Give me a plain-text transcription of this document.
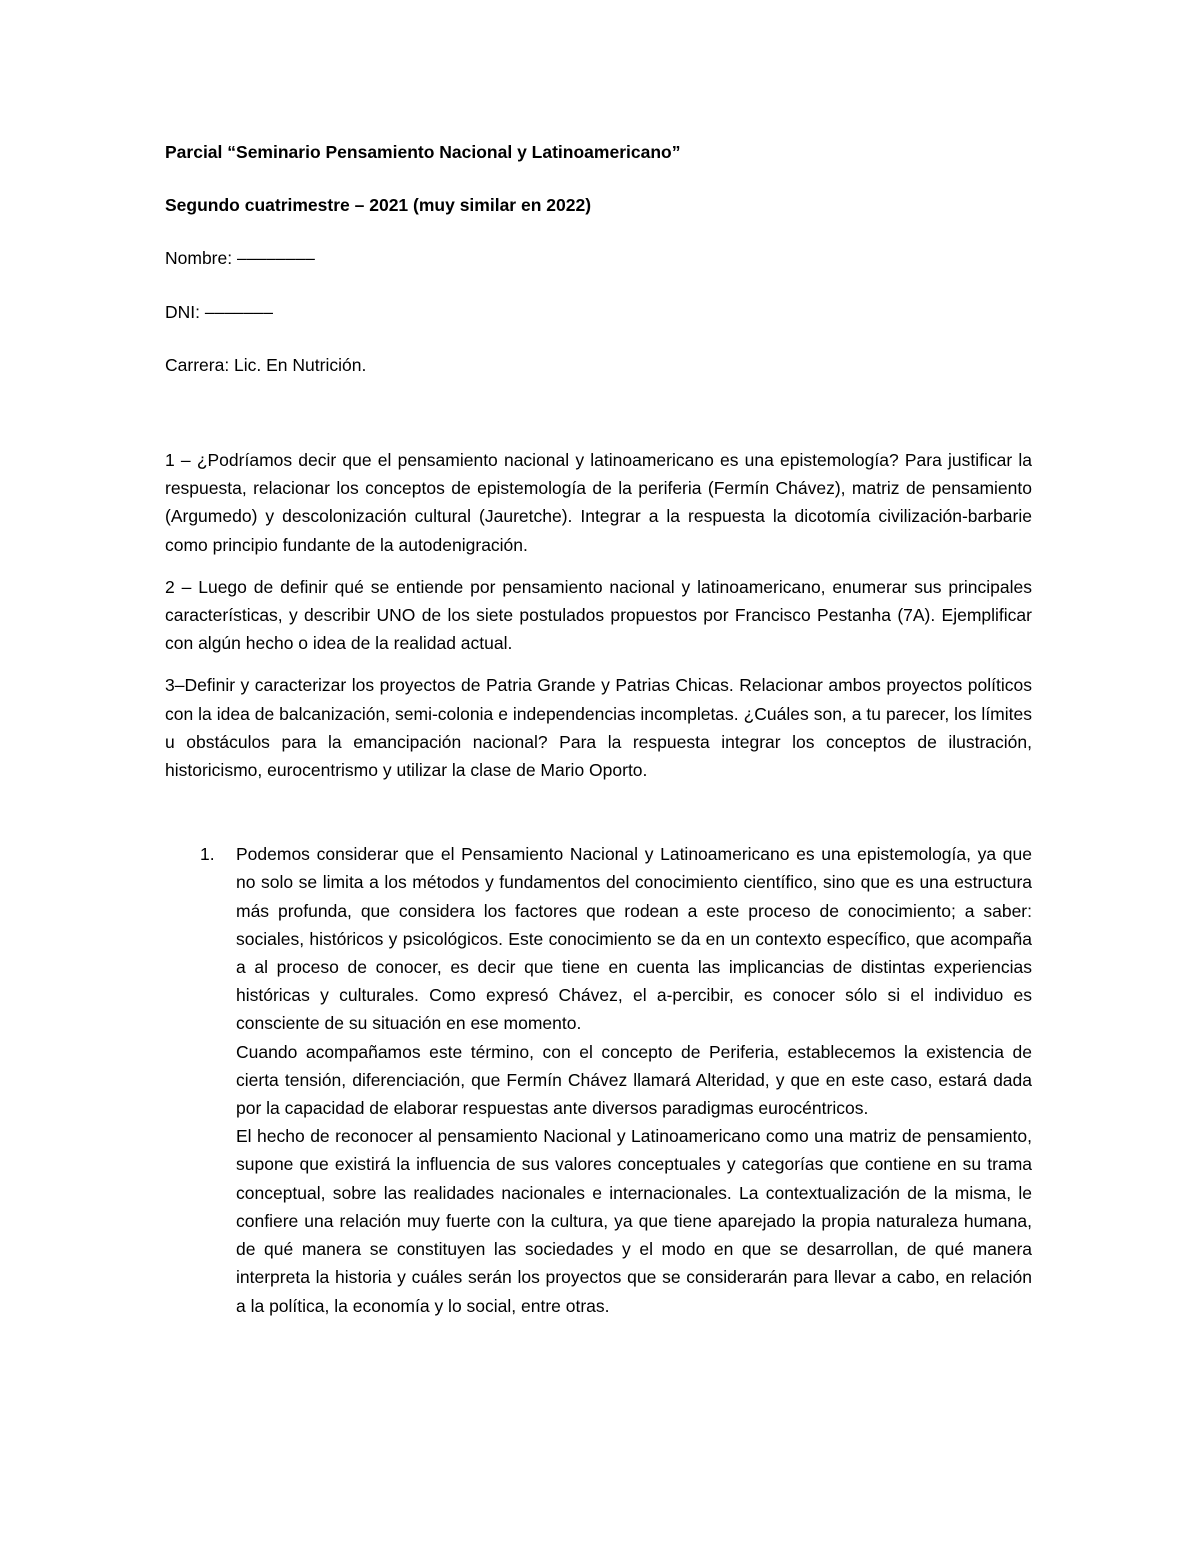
Parcial “Seminario Pensamiento Nacional y Latinoamericano”

Segundo cuatrimestre – 2021 (muy similar en 2022)

Nombre: ––––––––

DNI: –––––––

Carrera: Lic. En Nutrición.

1 – ¿Podríamos decir que el pensamiento nacional y latinoamericano es una epistemología? Para justificar la respuesta, relacionar los conceptos de epistemología de la periferia (Fermín Chávez), matriz de pensamiento (Argumedo) y descolonización cultural (Jauretche). Integrar a la respuesta la dicotomía civilización-barbarie como principio fundante de la autodenigración.

2 – Luego de definir qué se entiende por pensamiento nacional y latinoamericano, enumerar sus principales características, y describir UNO de los siete postulados propuestos por Francisco Pestanha (7A). Ejemplificar con algún hecho o idea de la realidad actual.

3–Definir y caracterizar los proyectos de Patria Grande y Patrias Chicas. Relacionar ambos proyectos políticos con la idea de balcanización, semi-colonia e independencias incompletas. ¿Cuáles son, a tu parecer, los límites u obstáculos para la emancipación nacional? Para la respuesta integrar los conceptos de ilustración, historicismo, eurocentrismo y utilizar la clase de Mario Oporto.

1. Podemos considerar que el Pensamiento Nacional y Latinoamericano es una epistemología, ya que no solo se limita a los métodos y fundamentos del conocimiento científico, sino que es una estructura más profunda, que considera los factores que rodean a este proceso de conocimiento; a saber: sociales, históricos y psicológicos. Este conocimiento se da en un contexto específico, que acompaña a al proceso de conocer, es decir que tiene en cuenta las implicancias de distintas experiencias históricas y culturales. Como expresó Chávez, el a-percibir, es conocer sólo si el individuo es consciente de su situación en ese momento.

Cuando acompañamos este término, con el concepto de Periferia, establecemos la existencia de cierta tensión, diferenciación, que Fermín Chávez llamará Alteridad, y que en este caso, estará dada por la capacidad de elaborar respuestas ante diversos paradigmas eurocéntricos.

El hecho de reconocer al pensamiento Nacional y Latinoamericano como una matriz de pensamiento, supone que existirá la influencia de sus valores conceptuales y categorías que contiene en su trama conceptual, sobre las realidades nacionales e internacionales. La contextualización de la misma, le confiere una relación muy fuerte con la cultura, ya que tiene aparejado la propia naturaleza humana, de qué manera se constituyen las sociedades y el modo en que se desarrollan, de qué manera interpreta la historia y cuáles serán los proyectos que se considerarán para llevar a cabo, en relación a la política, la economía y lo social, entre otras.
